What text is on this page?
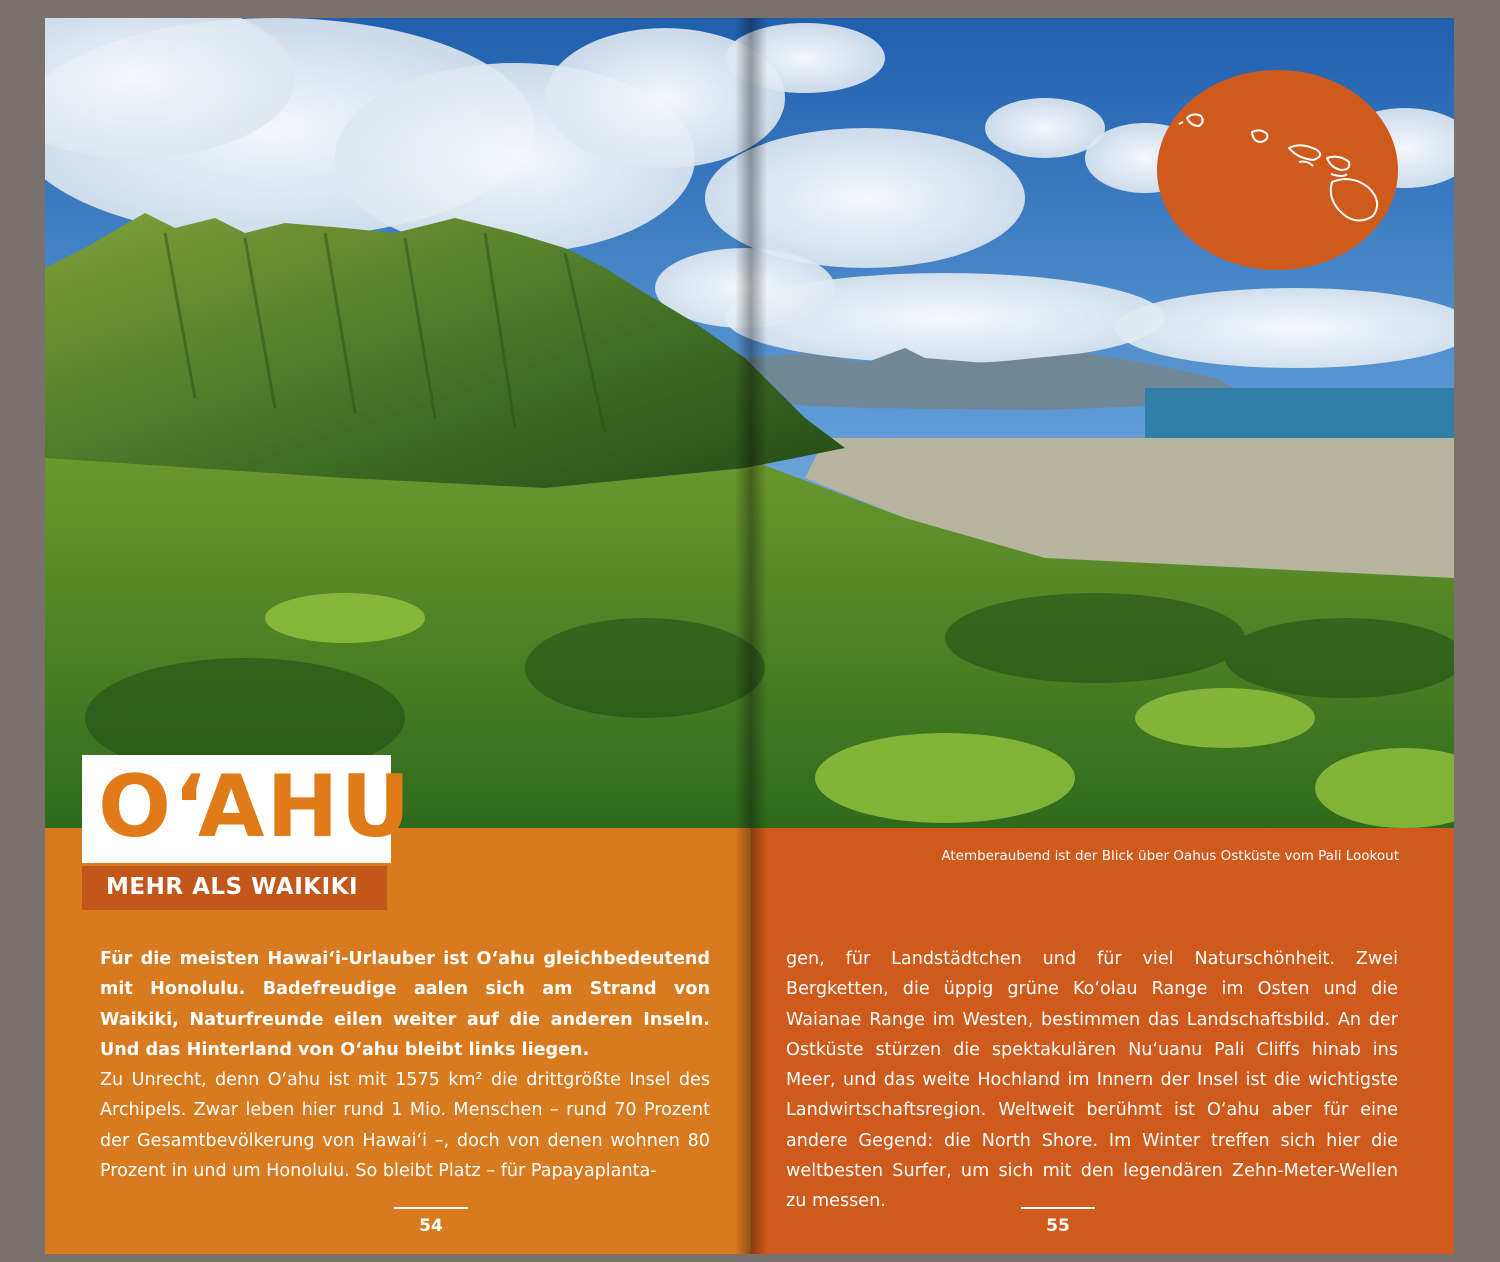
O‘AHU
MEHR ALS WAIKIKI
Atemberaubend ist der Blick über Oahus Ostküste vom Pali Lookout

Für die meisten Hawai‘i-Urlauber ist O‘ahu gleichbedeutend mit Honolulu. Badefreudige aalen sich am Strand von Waikiki, Naturfreunde eilen weiter auf die anderen Inseln. Und das Hinterland von O‘ahu bleibt links liegen.

Zu Unrecht, denn O‘ahu ist mit 1575 km² die drittgrößte Insel des Archipels. Zwar leben hier rund 1 Mio. Menschen – rund 70 Prozent der Gesamtbevölkerung von Hawai‘i –, doch von denen wohnen 80 Prozent in und um Honolulu. So bleibt Platz – für Papayaplanta-

gen, für Landstädtchen und für viel Naturschönheit. Zwei Bergketten, die üppig grüne Ko‘olau Range im Osten und die Waianae Range im Westen, bestimmen das Landschaftsbild. An der Ostküste stürzen die spektakulären Nu‘uanu Pali Cliffs hinab ins Meer, und das weite Hochland im Innern der Insel ist die wichtigste Landwirtschaftsregion. Weltweit berühmt ist O‘ahu aber für eine andere Gegend: die North Shore. Im Winter treffen sich hier die weltbesten Surfer, um sich mit den legendären Zehn-Meter-Wellen zu messen.

54	55
